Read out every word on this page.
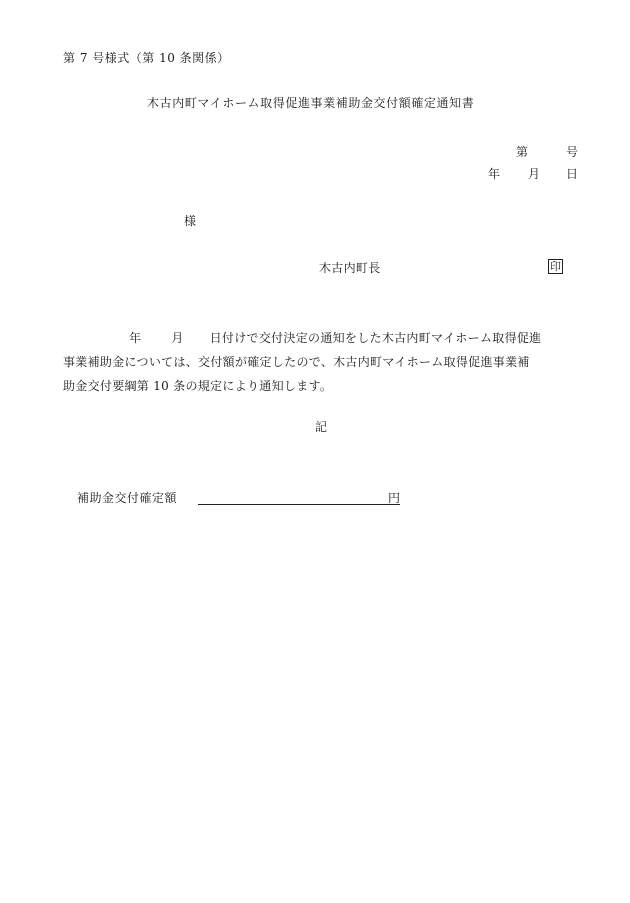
第 7 号様式（第 10 条関係）
木古内町マイホーム取得促進事業補助金交付額確定通知書
第	号
年 月 日
様
木古内町長	印
年	月 日付けで交付決定の通知をした木古内町マイホーム取得促進
事業補助金については、交付額が確定したので、木古内町マイホーム取得促進事業補
助金交付要綱第 10 条の規定により通知します。
記
補助金交付確定額	円
